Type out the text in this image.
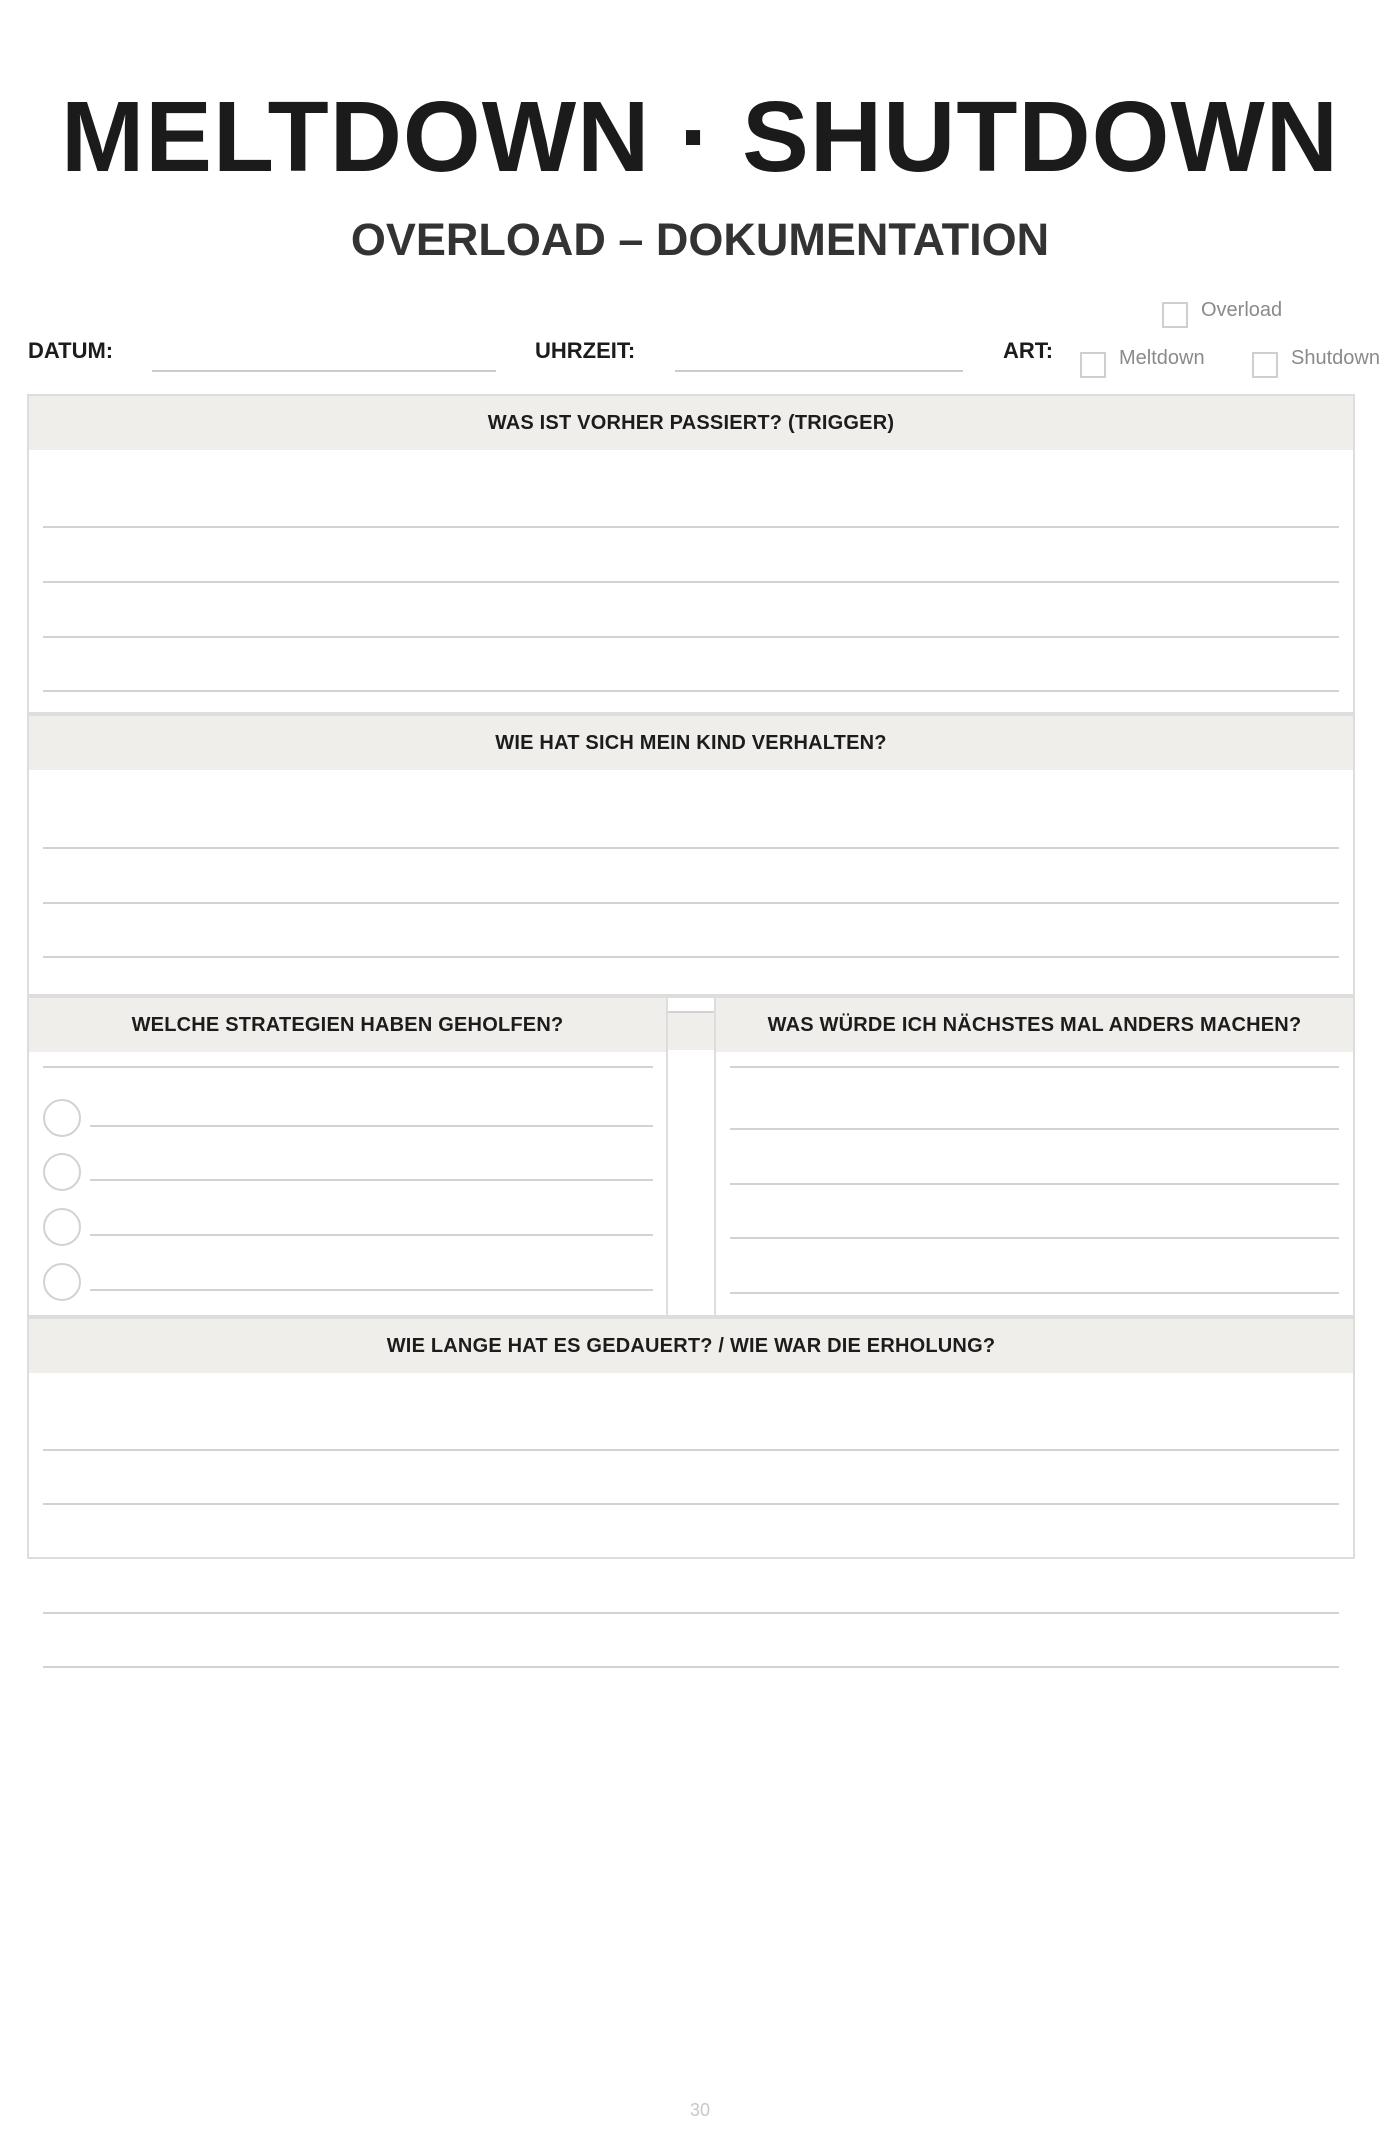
MELTDOWN · SHUTDOWN
OVERLOAD – DOKUMENTATION
DATUM:	UHRZEIT:	ART:
Overload
Meltdown	Shutdown
WAS IST VORHER PASSIERT? (TRIGGER)
WIE HAT SICH MEIN KIND VERHALTEN?
WELCHE STRATEGIEN HABEN GEHOLFEN?	WAS WÜRDE ICH NÄCHSTES MAL ANDERS MACHEN?
WIE LANGE HAT ES GEDAUERT? / WIE WAR DIE ERHOLUNG?
30
